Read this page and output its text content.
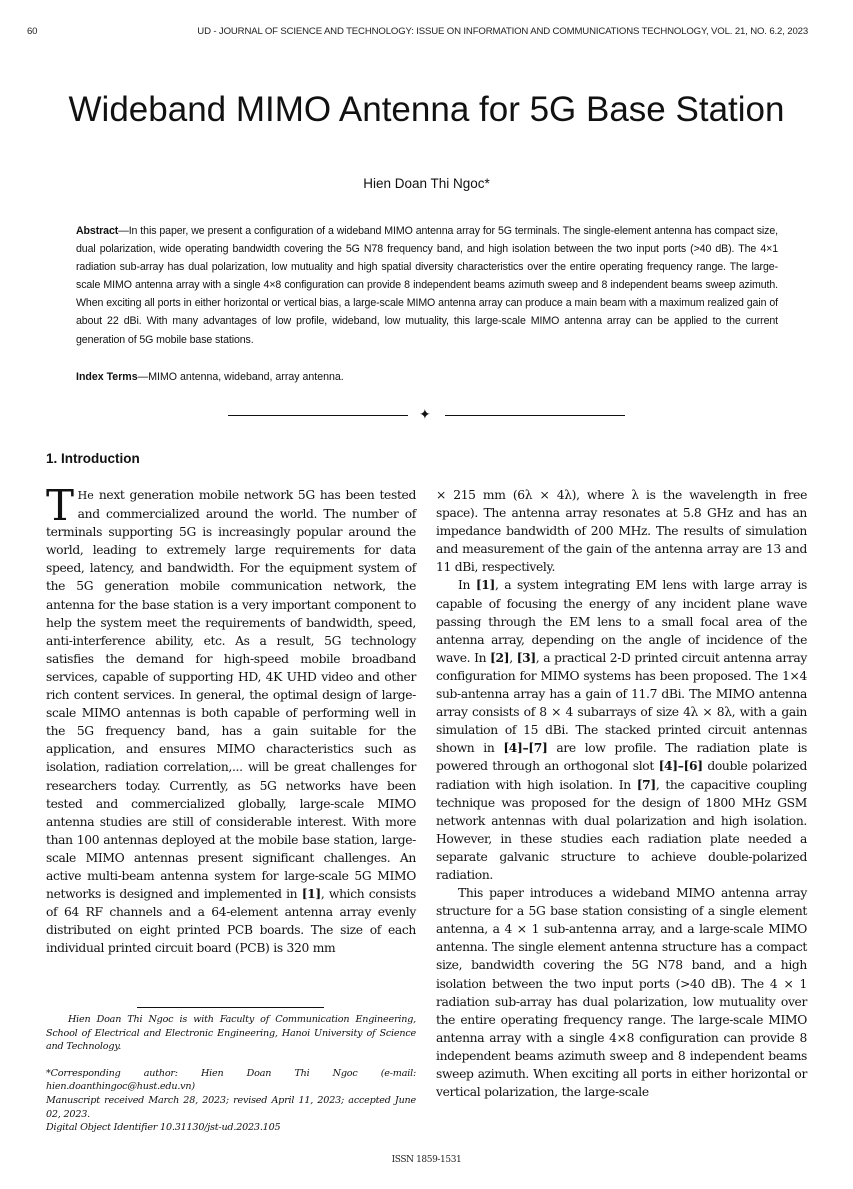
60	UD - JOURNAL OF SCIENCE AND TECHNOLOGY: ISSUE ON INFORMATION AND COMMUNICATIONS TECHNOLOGY, VOL. 21, NO. 6.2, 2023
Wideband MIMO Antenna for 5G Base Station
Hien Doan Thi Ngoc*
Abstract—In this paper, we present a configuration of a wideband MIMO antenna array for 5G terminals. The single-element antenna has compact size, dual polarization, wide operating bandwidth covering the 5G N78 frequency band, and high isolation between the two input ports (>40 dB). The 4×1 radiation sub-array has dual polarization, low mutuality and high spatial diversity characteristics over the entire operating frequency range. The large-scale MIMO antenna array with a single 4×8 configuration can provide 8 independent beams azimuth sweep and 8 independent beams sweep azimuth. When exciting all ports in either horizontal or vertical bias, a large-scale MIMO antenna array can produce a main beam with a maximum realized gain of about 22 dBi. With many advantages of low profile, wideband, low mutuality, this large-scale MIMO antenna array can be applied to the current generation of 5G mobile base stations.
Index Terms—MIMO antenna, wideband, array antenna.
✦
1. Introduction

T He next generation mobile network 5G has been tested and commercialized around the world. The number of terminals supporting 5G is increasingly popular around the world, leading to extremely large requirements for data speed, latency, and bandwidth. For the equipment system of the 5G generation mobile communication network, the antenna for the base station is a very important component to help the system meet the requirements of bandwidth, speed, anti-interference ability, etc. As a result, 5G technology satisfies the demand for high-speed mobile broadband services, capable of supporting HD, 4K UHD video and other rich content services. In general, the optimal design of large-scale MIMO antennas is both capable of performing well in the 5G frequency band, has a gain suitable for the application, and ensures MIMO characteristics such as isolation, radiation correlation,... will be great challenges for researchers today. Currently, as 5G networks have been tested and commercialized globally, large-scale MIMO antenna studies are still of considerable interest. With more than 100 antennas deployed at the mobile base station, large-scale MIMO antennas present significant challenges. An active multi-beam antenna system for large-scale 5G MIMO networks is designed and implemented in [1], which consists of 64 RF channels and a 64-element antenna array evenly distributed on eight printed PCB boards. The size of each individual printed circuit board (PCB) is 320 mm

Hien Doan Thi Ngoc is with Faculty of Communication Engineering, School of Electrical and Electronic Engineering, Hanoi University of Science and Technology.

*Corresponding author: Hien Doan Thi Ngoc (e-mail: hien.doanthingoc@hust.edu.vn)

Manuscript received March 28, 2023; revised April 11, 2023; accepted June 02, 2023.

Digital Object Identifier 10.31130/jst-ud.2023.105

× 215 mm (6λ × 4λ), where λ is the wavelength in free space). The antenna array resonates at 5.8 GHz and has an impedance bandwidth of 200 MHz. The results of simulation and measurement of the gain of the antenna array are 13 and 11 dBi, respectively.

In [1], a system integrating EM lens with large array is capable of focusing the energy of any incident plane wave passing through the EM lens to a small focal area of the antenna array, depending on the angle of incidence of the wave. In [2], [3], a practical 2-D printed circuit antenna array configuration for MIMO systems has been proposed. The 1×4 sub-antenna array has a gain of 11.7 dBi. The MIMO antenna array consists of 8 × 4 subarrays of size 4λ × 8λ, with a gain simulation of 15 dBi. The stacked printed circuit antennas shown in [4]–[7] are low profile. The radiation plate is powered through an orthogonal slot [4]–[6] double polarized radiation with high isolation. In [7], the capacitive coupling technique was proposed for the design of 1800 MHz GSM network antennas with dual polarization and high isolation. However, in these studies each radiation plate needed a separate galvanic structure to achieve double-polarized radiation.

This paper introduces a wideband MIMO antenna array structure for a 5G base station consisting of a single element antenna, a 4 × 1 sub-antenna array, and a large-scale MIMO antenna. The single element antenna structure has a compact size, bandwidth covering the 5G N78 band, and a high isolation between the two input ports (>40 dB). The 4 × 1 radiation sub-array has dual polarization, low mutuality over the entire operating frequency range. The large-scale MIMO antenna array with a single 4×8 configuration can provide 8 independent beams azimuth sweep and 8 independent beams sweep azimuth. When exciting all ports in either horizontal or vertical polarization, the large-scale

ISSN 1859-1531
